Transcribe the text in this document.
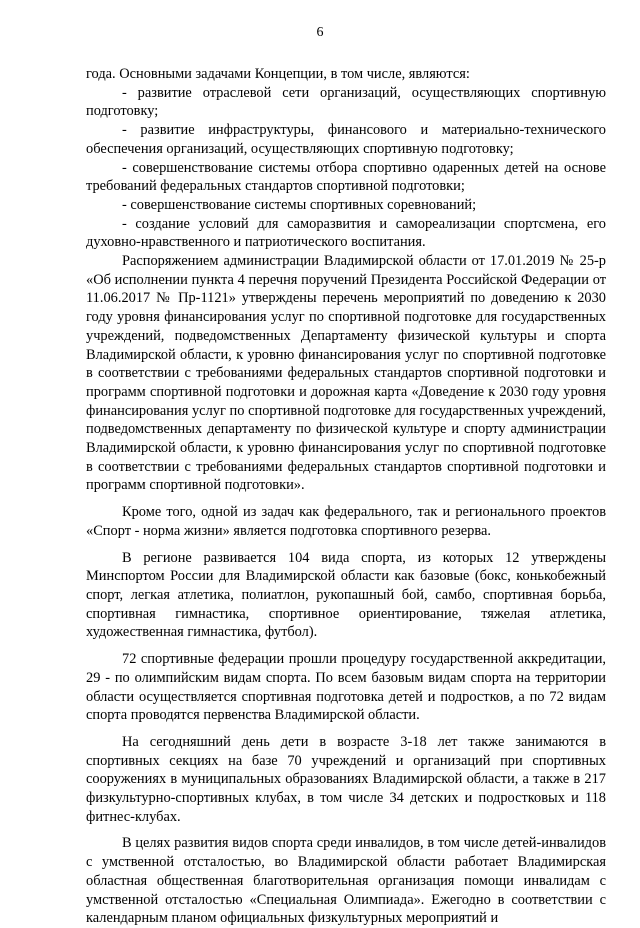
6

года. Основными задачами Концепции, в том числе, являются:

- развитие отраслевой сети организаций, осуществляющих спортивную подготовку;

- развитие инфраструктуры, финансового и материально-технического обеспечения организаций, осуществляющих спортивную подготовку;

- совершенствование системы отбора спортивно одаренных детей на основе требований федеральных стандартов спортивной подготовки;

- совершенствование системы спортивных соревнований;

- создание условий для саморазвития и самореализации спортсмена, его духовно-нравственного и патриотического воспитания.

Распоряжением администрации Владимирской области от 17.01.2019 № 25-р «Об исполнении пункта 4 перечня поручений Президента Российской Федерации от 11.06.2017 № Пр-1121» утверждены перечень мероприятий по доведению к 2030 году уровня финансирования услуг по спортивной подготовке для государственных учреждений, подведомственных Департаменту физической культуры и спорта Владимирской области, к уровню финансирования услуг по спортивной подготовке в соответствии с требованиями федеральных стандартов спортивной подготовки и программ спортивной подготовки и дорожная карта «Доведение к 2030 году уровня финансирования услуг по спортивной подготовке для государственных учреждений, подведомственных департаменту по физической культуре и спорту администрации Владимирской области, к уровню финансирования услуг по спортивной подготовке в соответствии с требованиями федеральных стандартов спортивной подготовки и программ спортивной подготовки».

Кроме того, одной из задач как федерального, так и регионального проектов «Спорт - норма жизни» является подготовка спортивного резерва.

В регионе развивается 104 вида спорта, из которых 12 утверждены Минспортом России для Владимирской области как базовые (бокс, конькобежный спорт, легкая атлетика, полиатлон, рукопашный бой, самбо, спортивная борьба, спортивная гимнастика, спортивное ориентирование, тяжелая атлетика, художественная гимнастика, футбол).

72 спортивные федерации прошли процедуру государственной аккредитации, 29 - по олимпийским видам спорта. По всем базовым видам спорта на территории области осуществляется спортивная подготовка детей и подростков, а по 72 видам спорта проводятся первенства Владимирской области.

На сегодняшний день дети в возрасте 3-18 лет также занимаются в спортивных секциях на базе 70 учреждений и организаций при спортивных сооружениях в муниципальных образованиях Владимирской области, а также в 217 физкультурно-спортивных клубах, в том числе 34 детских и подростковых и 118 фитнес-клубах.

В целях развития видов спорта среди инвалидов, в том числе детей-инвалидов с умственной отсталостью, во Владимирской области работает Владимирская областная общественная благотворительная организация помощи инвалидам с умственной отсталостью «Специальная Олимпиада». Ежегодно в соответствии с календарным планом официальных физкультурных мероприятий и
